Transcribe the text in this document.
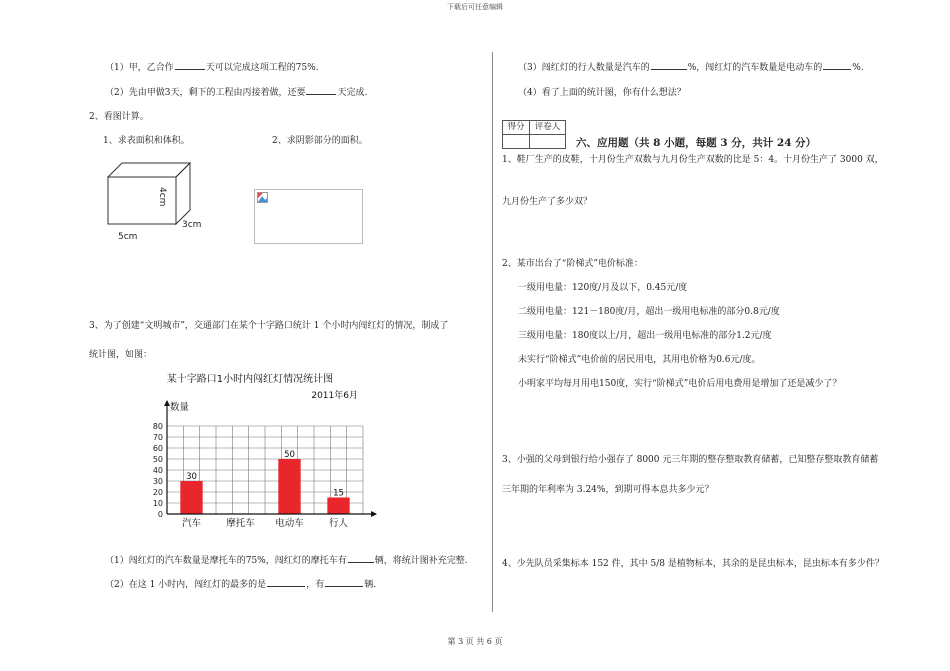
下载后可任意编辑
（1）甲，乙合作	天可以完成这项工程的75%.
（2）先由甲做3天，剩下的工程由丙接着做，还要	天完成.
2、看图计算。
1、求表面积和体积。	2、求阴影部分的面积。
4cm
3cm
5cm
3、为了创建“文明城市”，交通部门在某个十字路口统计 1 个小时内闯红灯的情况，制成了
统计图，如图：
某十字路口1小时内闯红灯情况统计图
2011年6月
数量
30
50
15
0
10
20
30
40
50
60
70
80
汽车	摩托车 电动车	行人
（1）闯红灯的汽车数量是摩托车的75%，闯红灯的摩托车有	辆，将统计图补充完整.
（2）在这 1 小时内，闯红灯的最多的是	，有	辆.
（3）闯红灯的行人数量是汽车的	%，闯红灯的汽车数量是电动车的	%.
（4）看了上面的统计图，你有什么想法？
得分	评卷人
六、应用题（共 8 小题，每题 3 分，共计 24 分）
1、鞋厂生产的皮鞋，十月份生产双数与九月份生产双数的比是 5：4。十月份生产了 3000 双，
九月份生产了多少双？
2、某市出台了“阶梯式”电价标准：
一级用电量：120度/月及以下，0.45元/度
二级用电量：121－180度/月，超出一级用电标准的部分0.8元/度
三级用电量：180度以上/月，超出一级用电标准的部分1.2元/度
未实行“阶梯式”电价前的居民用电，其用电价格为0.6元/度。
小明家平均每月用电150度，实行“阶梯式”电价后用电费用是增加了还是减少了？
3、小强的父母到银行给小强存了 8000 元三年期的整存整取教育储蓄，已知整存整取教育储蓄
三年期的年利率为 3.24%，到期可得本息共多少元？
4、少先队员采集标本 152 件，其中 5/8 是植物标本，其余的是昆虫标本，昆虫标本有多少件？
第 3 页 共 6 页
